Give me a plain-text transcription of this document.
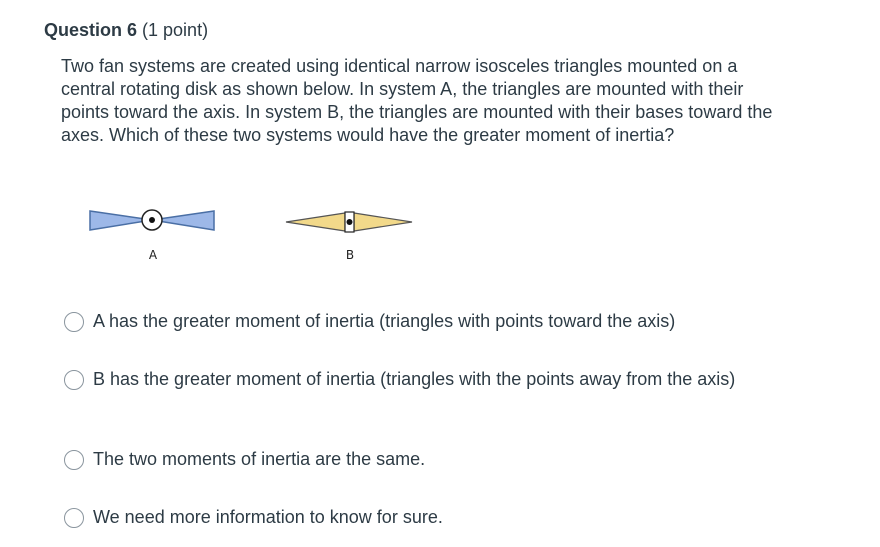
Question 6 (1 point)
Two fan systems are created using identical narrow isosceles triangles mounted on a central rotating disk as shown below. In system A, the triangles are mounted with their points toward the axis. In system B, the triangles are mounted with their bases toward the axes. Which of these two systems would have the greater moment of inertia?
A	B
A has the greater moment of inertia (triangles with points toward the axis)
B has the greater moment of inertia (triangles with the points away from the axis)
The two moments of inertia are the same.
We need more information to know for sure.
